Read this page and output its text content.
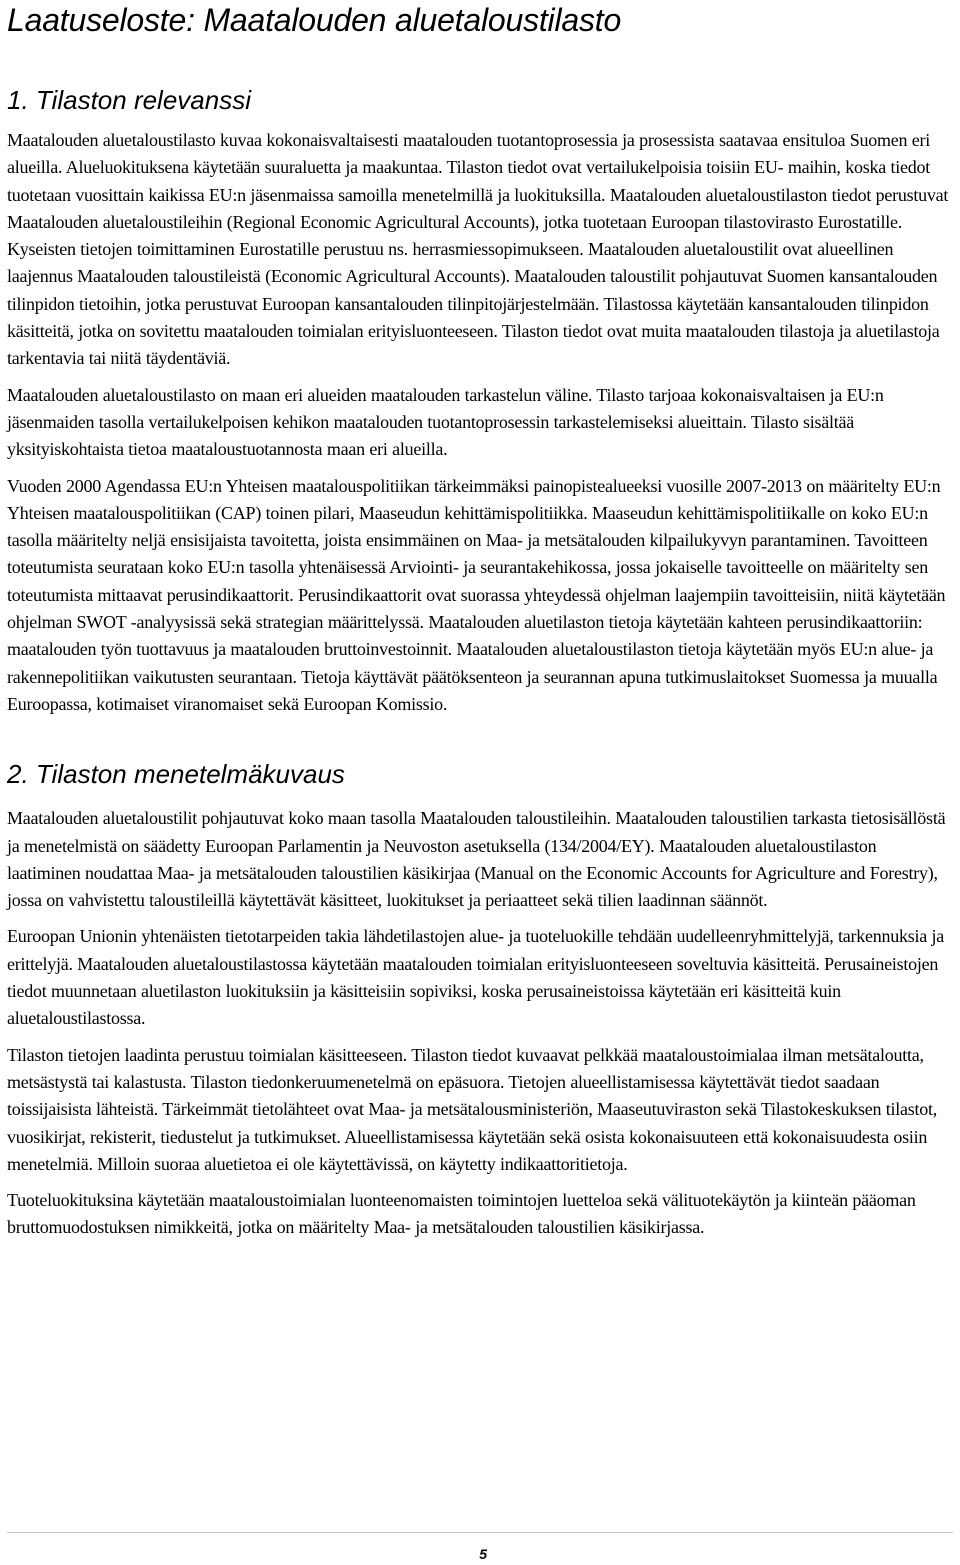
Laatuseloste: Maatalouden aluetaloustilasto
1. Tilaston relevanssi

Maatalouden aluetaloustilasto kuvaa kokonaisvaltaisesti maatalouden tuotantoprosessia ja prosessista saatavaa ensituloa Suomen eri alueilla. Alueluokituksena käytetään suuraluetta ja maakuntaa. Tilaston tiedot ovat vertailukelpoisia toisiin EU- maihin, koska tiedot tuotetaan vuosittain kaikissa EU:n jäsenmaissa samoilla menetelmillä ja luokituksilla. Maatalouden aluetaloustilaston tiedot perustuvat Maatalouden aluetaloustileihin (Regional Economic Agricultural Accounts), jotka tuotetaan Euroopan tilastovirasto Eurostatille. Kyseisten tietojen toimittaminen Eurostatille perustuu ns. herrasmiessopimukseen. Maatalouden aluetaloustilit ovat alueellinen laajennus Maatalouden taloustileistä (Economic Agricultural Accounts). Maatalouden taloustilit pohjautuvat Suomen kansantalouden tilinpidon tietoihin, jotka perustuvat Euroopan kansantalouden tilinpitojärjestelmään. Tilastossa käytetään kansantalouden tilinpidon käsitteitä, jotka on sovitettu maatalouden toimialan erityisluonteeseen. Tilaston tiedot ovat muita maatalouden tilastoja ja aluetilastoja tarkentavia tai niitä täydentäviä.

Maatalouden aluetaloustilasto on maan eri alueiden maatalouden tarkastelun väline. Tilasto tarjoaa kokonaisvaltaisen ja EU:n jäsenmaiden tasolla vertailukelpoisen kehikon maatalouden tuotantoprosessin tarkastelemiseksi alueittain. Tilasto sisältää yksityiskohtaista tietoa maataloustuotannosta maan eri alueilla.

Vuoden 2000 Agendassa EU:n Yhteisen maatalouspolitiikan tärkeimmäksi painopistealueeksi vuosille 2007-2013 on määritelty EU:n Yhteisen maatalouspolitiikan (CAP) toinen pilari, Maaseudun kehittämispolitiikka. Maaseudun kehittämispolitiikalle on koko EU:n tasolla määritelty neljä ensisijaista tavoitetta, joista ensimmäinen on Maa- ja metsätalouden kilpailukyvyn parantaminen. Tavoitteen toteutumista seurataan koko EU:n tasolla yhtenäisessä Arviointi- ja seurantakehikossa, jossa jokaiselle tavoitteelle on määritelty sen toteutumista mittaavat perusindikaattorit. Perusindikaattorit ovat suorassa yhteydessä ohjelman laajempiin tavoitteisiin, niitä käytetään ohjelman SWOT -analyysissä sekä strategian määrittelyssä. Maatalouden aluetilaston tietoja käytetään kahteen perusindikaattoriin: maatalouden työn tuottavuus ja maatalouden bruttoinvestoinnit. Maatalouden aluetaloustilaston tietoja käytetään myös EU:n alue- ja rakennepolitiikan vaikutusten seurantaan. Tietoja käyttävät päätöksenteon ja seurannan apuna tutkimuslaitokset Suomessa ja muualla Euroopassa, kotimaiset viranomaiset sekä Euroopan Komissio.

2. Tilaston menetelmäkuvaus

Maatalouden aluetaloustilit pohjautuvat koko maan tasolla Maatalouden taloustileihin. Maatalouden taloustilien tarkasta tietosisällöstä ja menetelmistä on säädetty Euroopan Parlamentin ja Neuvoston asetuksella (134/2004/EY). Maatalouden aluetaloustilaston laatiminen noudattaa Maa- ja metsätalouden taloustilien käsikirjaa (Manual on the Economic Accounts for Agriculture and Forestry), jossa on vahvistettu taloustileillä käytettävät käsitteet, luokitukset ja periaatteet sekä tilien laadinnan säännöt.

Euroopan Unionin yhtenäisten tietotarpeiden takia lähdetilastojen alue- ja tuoteluokille tehdään uudelleenryhmittelyjä, tarkennuksia ja erittelyjä. Maatalouden aluetaloustilastossa käytetään maatalouden toimialan erityisluonteeseen soveltuvia käsitteitä. Perusaineistojen tiedot muunnetaan aluetilaston luokituksiin ja käsitteisiin sopiviksi, koska perusaineistoissa käytetään eri käsitteitä kuin aluetaloustilastossa.

Tilaston tietojen laadinta perustuu toimialan käsitteeseen. Tilaston tiedot kuvaavat pelkkää maataloustoimialaa ilman metsätaloutta, metsästystä tai kalastusta. Tilaston tiedonkeruumenetelmä on epäsuora. Tietojen alueellistamisessa käytettävät tiedot saadaan toissijaisista lähteistä. Tärkeimmät tietolähteet ovat Maa- ja metsätalousministeriön, Maaseutuviraston sekä Tilastokeskuksen tilastot, vuosikirjat, rekisterit, tiedustelut ja tutkimukset. Alueellistamisessa käytetään sekä osista kokonaisuuteen että kokonaisuudesta osiin menetelmiä. Milloin suoraa aluetietoa ei ole käytettävissä, on käytetty indikaattoritietoja.

Tuoteluokituksina käytetään maataloustoimialan luonteenomaisten toimintojen luetteloa sekä välituotekäytön ja kiinteän pääoman bruttomuodostuksen nimikkeitä, jotka on määritelty Maa- ja metsätalouden taloustilien käsikirjassa.

5
